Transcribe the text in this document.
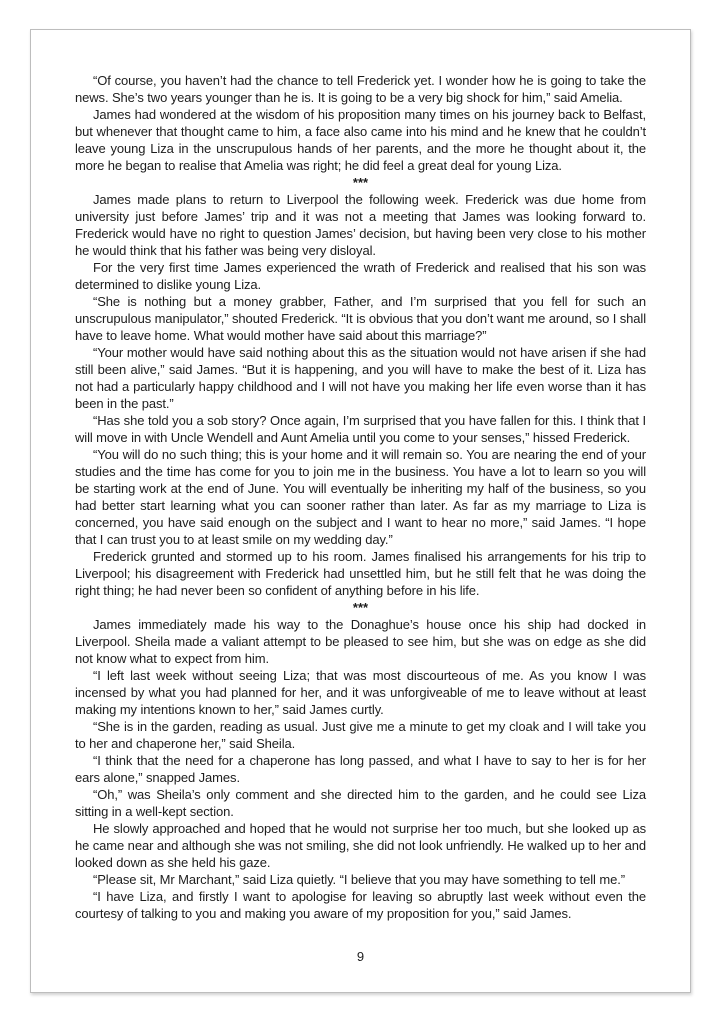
“Of course, you haven’t had the chance to tell Frederick yet. I wonder how he is going to take the news. She’s two years younger than he is. It is going to be a very big shock for him,” said Amelia.

James had wondered at the wisdom of his proposition many times on his journey back to Belfast, but whenever that thought came to him, a face also came into his mind and he knew that he couldn’t leave young Liza in the unscrupulous hands of her parents, and the more he thought about it, the more he began to realise that Amelia was right; he did feel a great deal for young Liza.

***

James made plans to return to Liverpool the following week. Frederick was due home from university just before James’ trip and it was not a meeting that James was looking forward to. Frederick would have no right to question James’ decision, but having been very close to his mother he would think that his father was being very disloyal.

For the very first time James experienced the wrath of Frederick and realised that his son was determined to dislike young Liza.

“She is nothing but a money grabber, Father, and I’m surprised that you fell for such an unscrupulous manipulator,” shouted Frederick. “It is obvious that you don’t want me around, so I shall have to leave home. What would mother have said about this marriage?”

“Your mother would have said nothing about this as the situation would not have arisen if she had still been alive,” said James. “But it is happening, and you will have to make the best of it. Liza has not had a particularly happy childhood and I will not have you making her life even worse than it has been in the past.”

“Has she told you a sob story? Once again, I’m surprised that you have fallen for this. I think that I will move in with Uncle Wendell and Aunt Amelia until you come to your senses,” hissed Frederick.

“You will do no such thing; this is your home and it will remain so. You are nearing the end of your studies and the time has come for you to join me in the business. You have a lot to learn so you will be starting work at the end of June. You will eventually be inheriting my half of the business, so you had better start learning what you can sooner rather than later. As far as my marriage to Liza is concerned, you have said enough on the subject and I want to hear no more,” said James. “I hope that I can trust you to at least smile on my wedding day.”

Frederick grunted and stormed up to his room. James finalised his arrangements for his trip to Liverpool; his disagreement with Frederick had unsettled him, but he still felt that he was doing the right thing; he had never been so confident of anything before in his life.

***

James immediately made his way to the Donaghue’s house once his ship had docked in Liverpool. Sheila made a valiant attempt to be pleased to see him, but she was on edge as she did not know what to expect from him.

“I left last week without seeing Liza; that was most discourteous of me. As you know I was incensed by what you had planned for her, and it was unforgiveable of me to leave without at least making my intentions known to her,” said James curtly.

“She is in the garden, reading as usual. Just give me a minute to get my cloak and I will take you to her and chaperone her,” said Sheila.

“I think that the need for a chaperone has long passed, and what I have to say to her is for her ears alone,” snapped James.

“Oh,” was Sheila’s only comment and she directed him to the garden, and he could see Liza sitting in a well-kept section.

He slowly approached and hoped that he would not surprise her too much, but she looked up as he came near and although she was not smiling, she did not look unfriendly. He walked up to her and looked down as she held his gaze.

“Please sit, Mr Marchant,” said Liza quietly. “I believe that you may have something to tell me.”

“I have Liza, and firstly I want to apologise for leaving so abruptly last week without even the courtesy of talking to you and making you aware of my proposition for you,” said James.

9
